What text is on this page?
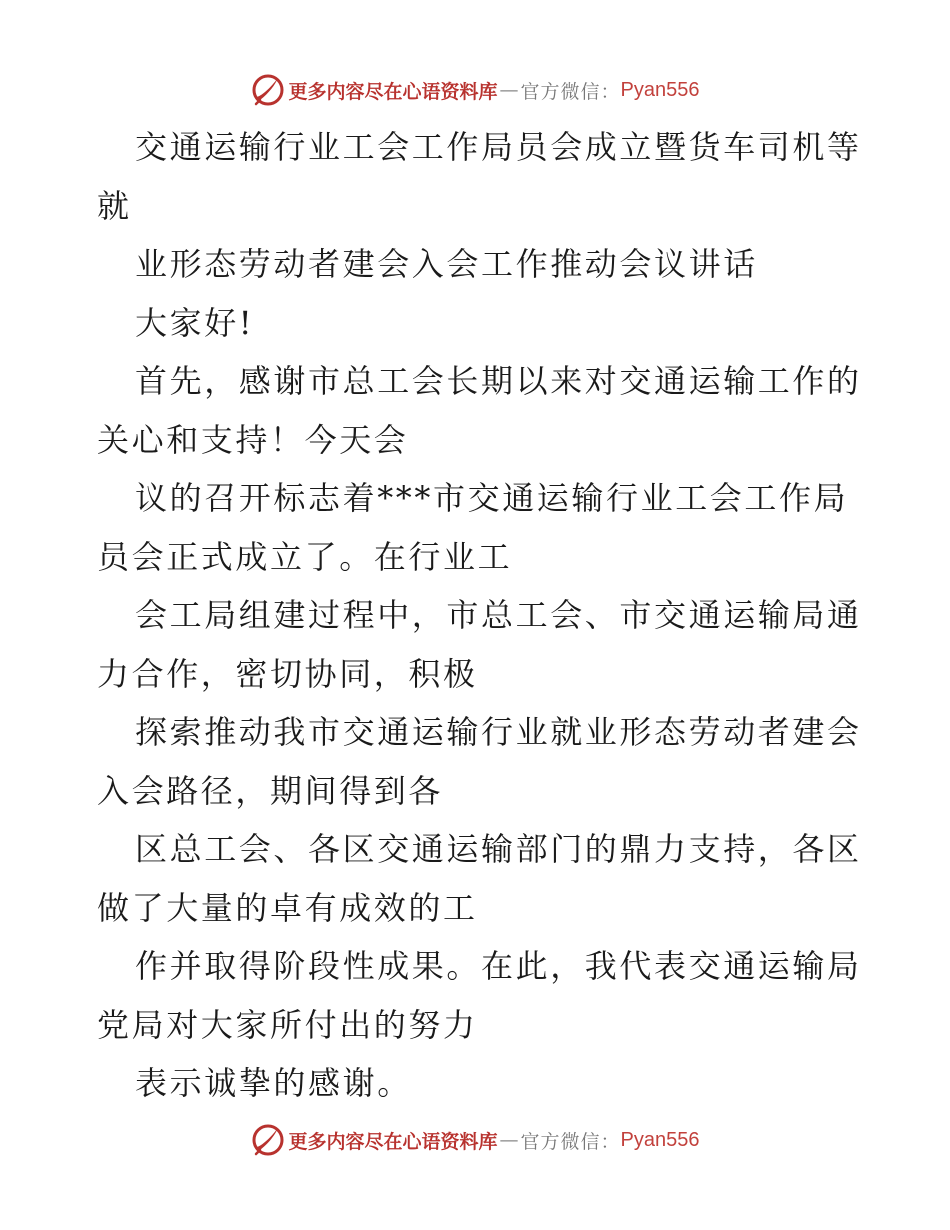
更多内容尽在心语资料库 — 官方微信： Pyan556
交通运输行业工会工作局员会成立暨货车司机等
就
业形态劳动者建会入会工作推动会议讲话
大家好!
首先，感谢市总工会长期以来对交通运输工作的
关心和支持！今天会
议的召开标志着***市交通运输行业工会工作局
员会正式成立了。在行业工
会工局组建过程中，市总工会、市交通运输局通
力合作，密切协同，积极
探索推动我市交通运输行业就业形态劳动者建会
入会路径，期间得到各
区总工会、各区交通运输部门的鼎力支持，各区
做了大量的卓有成效的工
作并取得阶段性成果。在此，我代表交通运输局
党局对大家所付出的努力
表示诚挚的感谢。
更多内容尽在心语资料库 — 官方微信： Pyan556
